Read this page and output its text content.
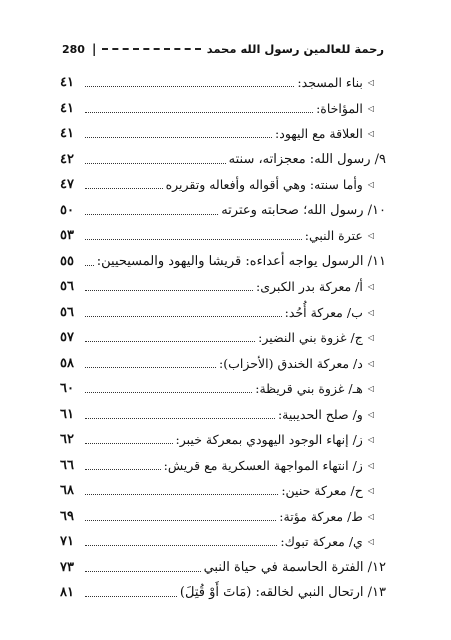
280 |	رحمة للعالمين رسول الله محمد
◁
بناء المسجد:
٤١
◁
المؤاخاة:
٤١
◁
العلاقة مع اليهود:
٤١
٩/ رسول الله: معجزاته، سنته
٤٢
◁
وأما سنته: وهي أقواله وأفعاله وتقريره
٤٧
١٠/ رسول الله؛ صحابته وعترته
٥٠
◁
عترة النبي:
٥٣
١١/ الرسول يواجه أعداءه: قريشا واليهود والمسيحيين:
٥٥
◁
أ/ معركة بدر الكبرى:
٥٦
◁
ب/ معركة أُحُد:
٥٦
◁
ج/ غزوة بني النضير:
٥٧
◁
د/ معركة الخندق (الأحزاب):
٥٨
◁
هـ/ غزوة بني قريظة:
٦٠
◁
و/ صلح الحديبية:
٦١
◁
ز/ إنهاء الوجود اليهودي بمعركة خيبر:
٦٢
◁
ز/ انتهاء المواجهة العسكرية مع قريش:
٦٦
◁
ح/ معركة حنين:
٦٨
◁
ط/ معركة مؤتة:
٦٩
◁
ي/ معركة تبوك:
٧١
١٢/ الفترة الحاسمة في حياة النبي
٧٣
١٣/ ارتحال النبي لخالقه: (مَاتَ أَوْ قُتِلَ)
٨١
